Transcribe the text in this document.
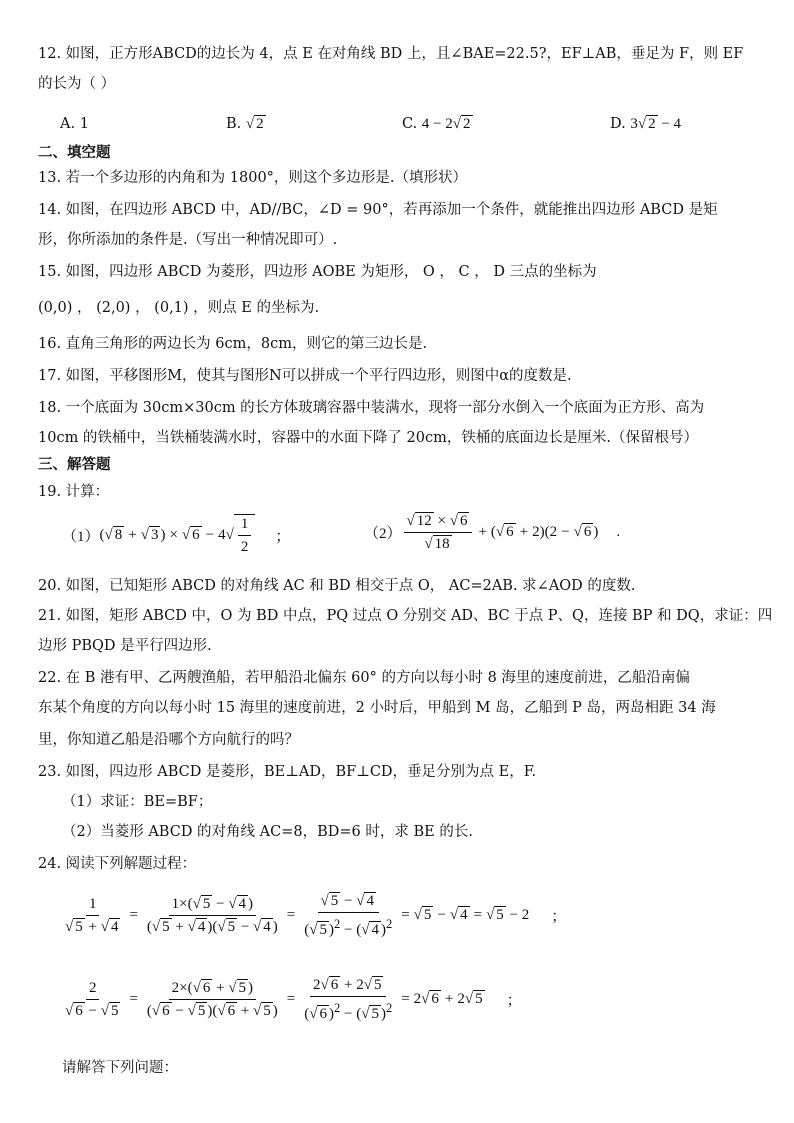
12. 如图，正方形ABCD的边长为 4，点 E 在对角线 BD 上，且∠BAE=22.5?，EF⊥AB，垂足为 F，则 EF
的长为（ ）
A. 1	B. √ 2	C. 4 − 2√ 2	D. 3√ 2 − 4
二、填空题
13. 若一个多边形的内角和为 1800°，则这个多边形是.（填形状）
14. 如图，在四边形 ABCD 中，AD//BC，∠D = 90°，若再添加一个条件，就能推出四边形 ABCD 是矩
形，你所添加的条件是.（写出一种情况即可）.
15. 如图，四边形 ABCD 为菱形，四边形 AOBE 为矩形， O ， C ， D 三点的坐标为
(0,0) ， (2,0) ， (0,1) ，则点 E 的坐标为.
16. 直角三角形的两边长为 6cm，8cm，则它的第三边长是.
17. 如图，平移图形M，使其与图形N可以拼成一个平行四边形，则图中α的度数是.
18. 一个底面为 30cm×30cm 的长方体玻璃容器中装满水，现将一部分水倒入一个底面为正方形、高为
10cm 的铁桶中，当铁桶装满水时，容器中的水面下降了 20cm，铁桶的底面边长是厘米.（保留根号）
三、解答题
19. 计算：
（1） ( √ 8 + √ 3 ) × √ 6 − 4 √ $\frac{1}{2}$ ；	$(2) \frac{√ 12 \times √ 6}{√ 18}$ + ( √ 6 + 2)(2 − √ 6 ) .
20. 如图，已知矩形 ABCD 的对角线 AC 和 BD 相交于点 O， AC=2AB. 求∠AOD 的度数.
21. 如图，矩形 ABCD 中，O 为 BD 中点，PQ 过点 O 分别交 AD、BC 于点 P、Q，连接 BP 和 DQ，求证：四
边形 PBQD 是平行四边形.
22. 在 B 港有甲、乙两艘渔船，若甲船沿北偏东 60° 的方向以每小时 8 海里的速度前进，乙船沿南偏
东某个角度的方向以每小时 15 海里的速度前进，2 小时后，甲船到 M 岛，乙船到 P 岛，两岛相距 34 海
里，你知道乙船是沿哪个方向航行的吗？
23. 如图，四边形 ABCD 是菱形，BE⊥AD，BF⊥CD，垂足分别为点 E，F.
（1）求证：BE=BF；
（2）当菱形 ABCD 的对角线 AC=8，BD=6 时，求 BE 的长.
24. 阅读下列解题过程：
$\frac{1}{√ 5 + √ 4} = \frac{1\times(√ 5 - √ 4 )}{(√ 5 + √ 4 )(√ 5 - √ 4 )} = \frac{√ 5 - √ 4}{(√ 5 )^2 - (√ 4 )^2}$ = √ 5 − √ 4 = √ 5 − 2 ；
$\frac{2}{√ 6 - √ 5} = \frac{2\times(√ 6 + √ 5 )}{(√ 6 - √ 5 )(√ 6 + √ 5 )} = \frac{2√ 6 + 2√ 5}{(√ 6 )^2 - (√ 5 )^2} = 2$ √ 6 + 2 √ 5 ；
请解答下列问题：
